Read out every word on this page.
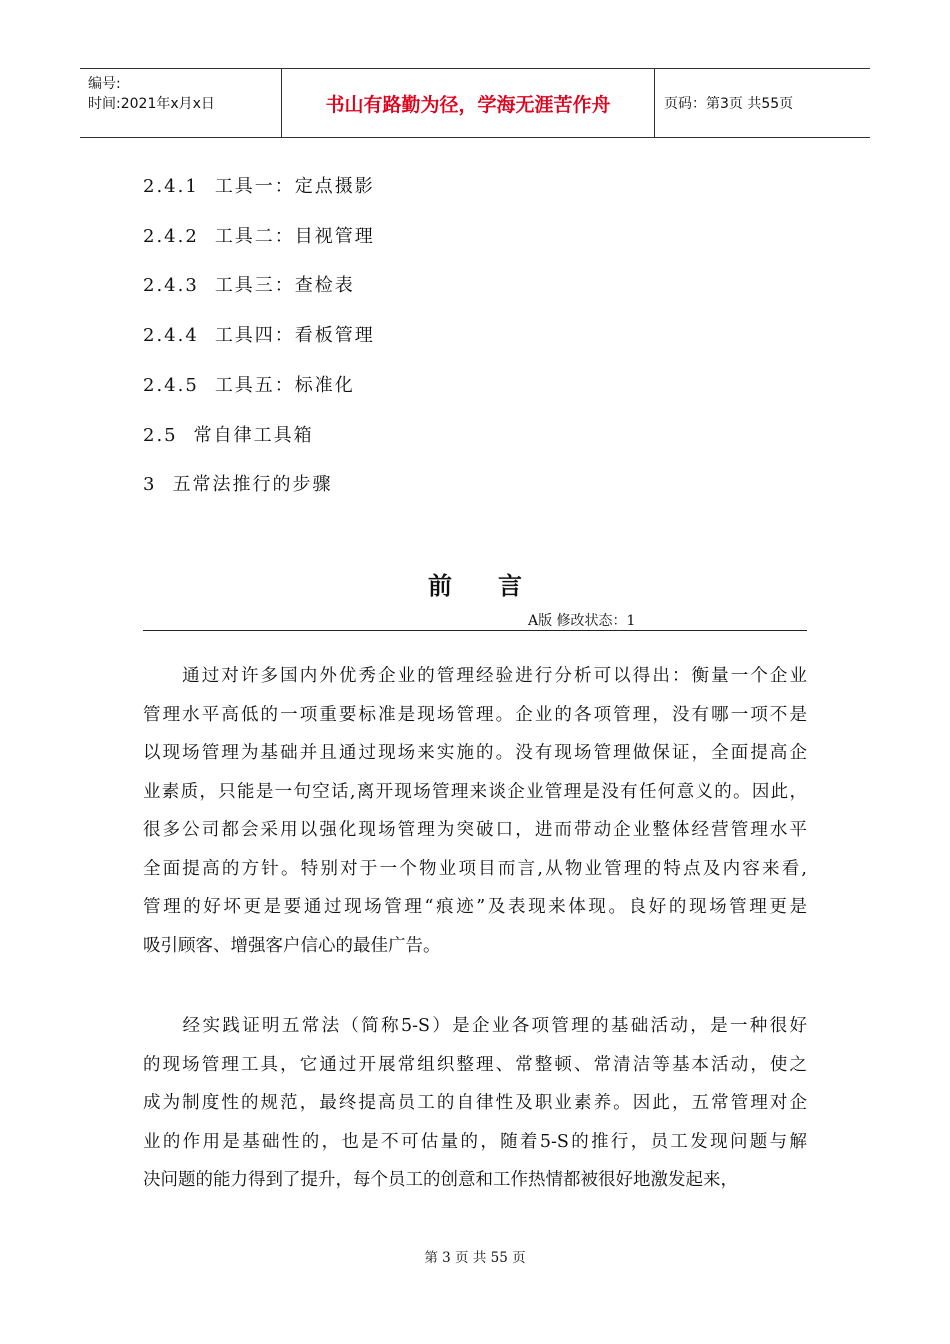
编号:
时间:2021年x月x日	书山有路勤为径，学海无涯苦作舟	页码：第3页 共55页
2.4.1 工具一：定点摄影
2.4.2 工具二：目视管理
2.4.3 工具三：查检表
2.4.4 工具四：看板管理
2.4.5 工具五：标准化
2.5 常自律工具箱
3 五常法推行的步骤
前言
A版 修改状态：1
　　通过对许多国内外优秀企业的管理经验进行分析可以得出：衡量一个企业
管理水平高低的一项重要标准是现场管理。企业的各项管理，没有哪一项不是
以现场管理为基础并且通过现场来实施的。没有现场管理做保证，全面提高企
业素质，只能是一句空话,离开现场管理来谈企业管理是没有任何意义的。因此，
很多公司都会采用以强化现场管理为突破口，进而带动企业整体经营管理水平
全面提高的方针。特别对于一个物业项目而言,从物业管理的特点及内容来看,
管理的好坏更是要通过现场管理“痕迹”及表现来体现。良好的现场管理更是
吸引顾客、增强客户信心的最佳广告。
　　经实践证明五常法（简称5-S）是企业各项管理的基础活动，是一种很好
的现场管理工具，它通过开展常组织整理、常整顿、常清洁等基本活动，使之
成为制度性的规范，最终提高员工的自律性及职业素养。因此，五常管理对企
业的作用是基础性的，也是不可估量的，随着5-S的推行，员工发现问题与解
决问题的能力得到了提升，每个员工的创意和工作热情都被很好地激发起来，
第 3 页 共 55 页
